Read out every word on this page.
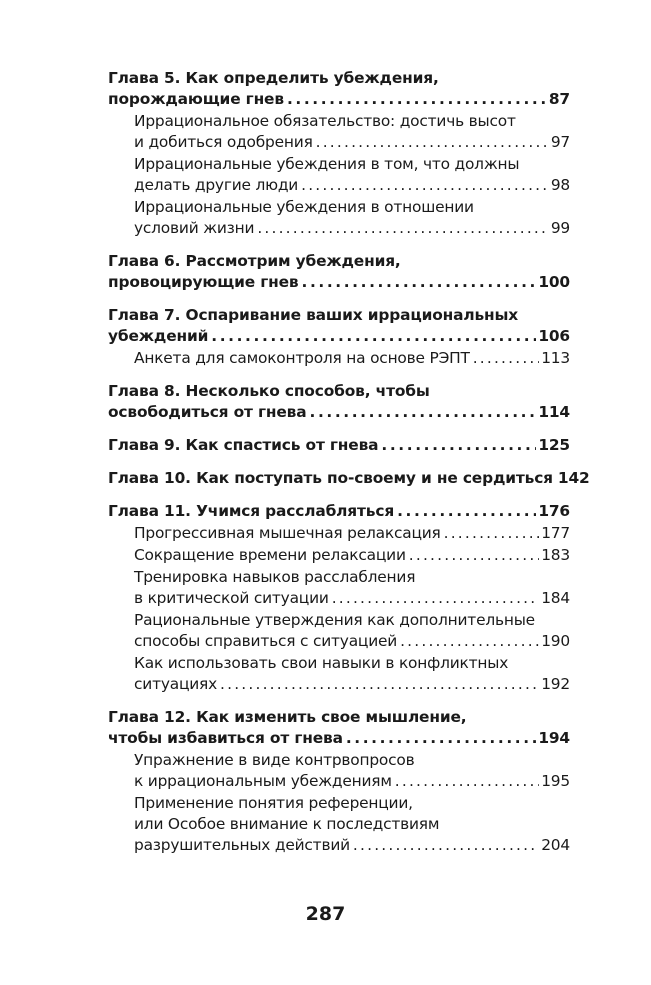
Глава 5. Как определить убеждения,
порождающие гнев .....	87
Иррациональное обязательство: достичь высот
и добиться одобрения .....	97
Иррациональные убеждения в том, что должны
делать другие люди .....	98
Иррациональные убеждения в отношении
условий жизни .....	99
Глава 6. Рассмотрим убеждения,
провоцирующие гнев .....	100
Глава 7. Оспаривание ваших иррациональных
убеждений .....	106
Анкета для самоконтроля на основе РЭПТ .....	113
Глава 8. Несколько способов, чтобы
освободиться от гнева .....	114
Глава 9. Как спастись от гнева .....	125
Глава 10. Как поступать по-своему и не сердиться 142
Глава 11. Учимся расслабляться .....	176
Прогрессивная мышечная релаксация .....	177
Сокращение времени релаксации .....	183
Тренировка навыков расслабления
в критической ситуации .....	184
Рациональные утверждения как дополнительные
способы справиться с ситуацией .....	190
Как использовать свои навыки в конфликтных
ситуациях .....	192
Глава 12. Как изменить свое мышление,
чтобы избавиться от гнева .....	194
Упражнение в виде контрвопросов
к иррациональным убеждениям .....	195
Применение понятия референции,
или Особое внимание к последствиям
разрушительных действий .....	204
287
